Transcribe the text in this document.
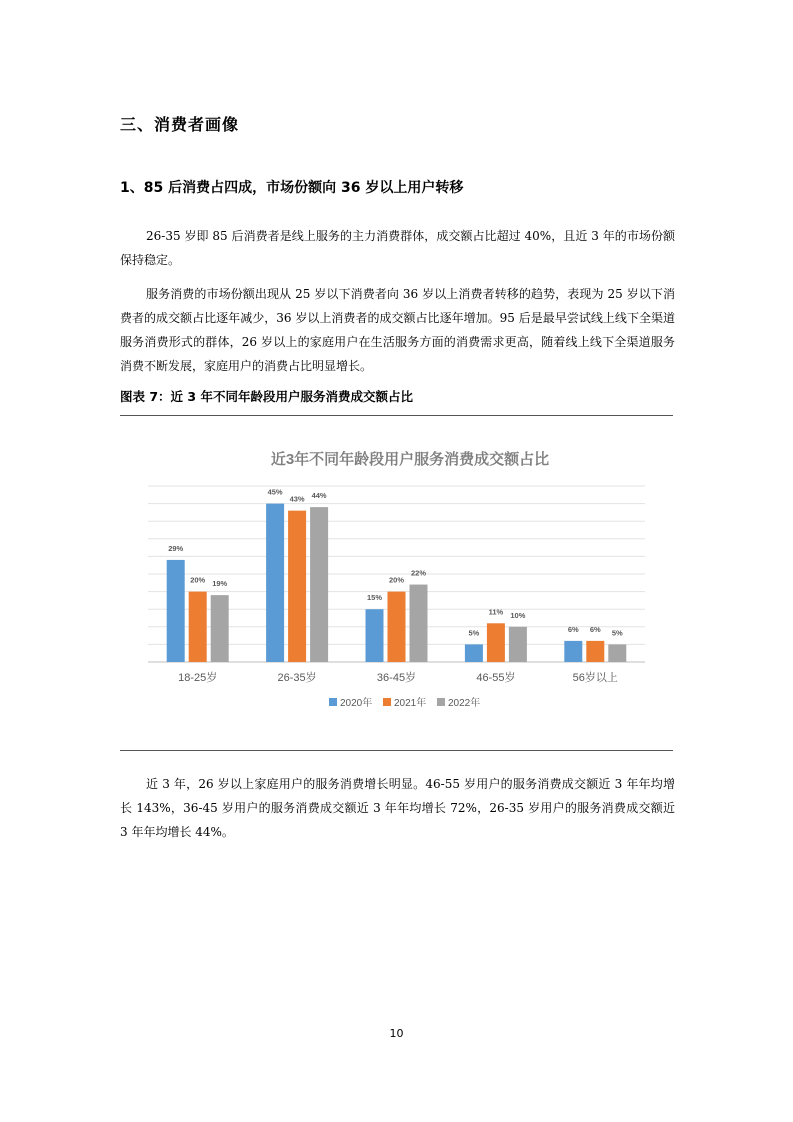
三、消费者画像
1、85 后消费占四成，市场份额向 36 岁以上用户转移
26-35 岁即 85 后消费者是线上服务的主力消费群体，成交额占比超过 40%，且近 3 年的市场份额保持稳定。
服务消费的市场份额出现从 25 岁以下消费者向 36 岁以上消费者转移的趋势，表现为 25 岁以下消费者的成交额占比逐年减少，36 岁以上消费者的成交额占比逐年增加。95 后是最早尝试线上线下全渠道服务消费形式的群体，26 岁以上的家庭用户在生活服务方面的消费需求更高，随着线上线下全渠道服务消费不断发展，家庭用户的消费占比明显增长。
图表 7：近 3 年不同年龄段用户服务消费成交额占比
近3年不同年龄段用户服务消费成交额占比
29%
20% 19%
45%
43% 44%
15%
20%
22%
5%
11% 10%
6% 6% 5%
18-25岁	26-35岁	36-45岁	46-55岁	56岁以上
2020年 2021年 2022年
近 3 年，26 岁以上家庭用户的服务消费增长明显。46-55 岁用户的服务消费成交额近 3 年年均增长 143%，36-45 岁用户的服务消费成交额近 3 年年均增长 72%，26-35 岁用户的服务消费成交额近 3 年年均增长 44%。
10
